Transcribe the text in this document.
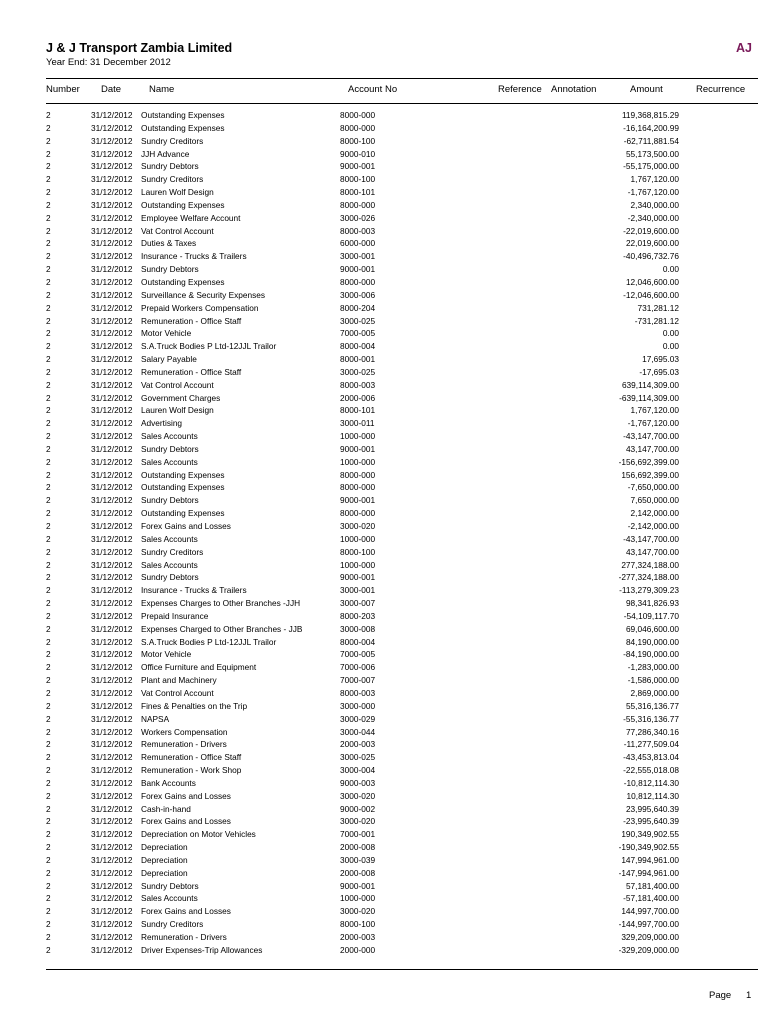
J & J Transport Zambia Limited
Year End: 31 December 2012
AJ
Number Date	Name	Account No	Reference Annotation	Amount	Recurrence
2	31/12/2012 Outstanding Expenses	8000-000	119,368,815.29
2	31/12/2012 Outstanding Expenses	8000-000	-16,164,200.99
2	31/12/2012 Sundry Creditors	8000-100	-62,711,881.54
2	31/12/2012 JJH Advance	9000-010	55,173,500.00
2	31/12/2012 Sundry Debtors	9000-001	-55,175,000.00
2	31/12/2012 Sundry Creditors	8000-100	1,767,120.00
2	31/12/2012 Lauren Wolf Design	8000-101	-1,767,120.00
2	31/12/2012 Outstanding Expenses	8000-000	2,340,000.00
2	31/12/2012 Employee Welfare Account	3000-026	-2,340,000.00
2	31/12/2012 Vat Control Account	8000-003	-22,019,600.00
2	31/12/2012 Duties & Taxes	6000-000	22,019,600.00
2	31/12/2012 Insurance - Trucks & Trailers	3000-001	-40,496,732.76
2	31/12/2012 Sundry Debtors	9000-001	0.00
2	31/12/2012 Outstanding Expenses	8000-000	12,046,600.00
2	31/12/2012 Surveillance & Security Expenses	3000-006	-12,046,600.00
2	31/12/2012 Prepaid Workers Compensation	8000-204	731,281.12
2	31/12/2012 Remuneration - Office Staff	3000-025	-731,281.12
2	31/12/2012 Motor Vehicle	7000-005	0.00
2	31/12/2012 S.A.Truck Bodies P Ltd-12JJL Trailor	8000-004	0.00
2	31/12/2012 Salary Payable	8000-001	17,695.03
2	31/12/2012 Remuneration - Office Staff	3000-025	-17,695.03
2	31/12/2012 Vat Control Account	8000-003	639,114,309.00
2	31/12/2012 Government Charges	2000-006	-639,114,309.00
2	31/12/2012 Lauren Wolf Design	8000-101	1,767,120.00
2	31/12/2012 Advertising	3000-011	-1,767,120.00
2	31/12/2012 Sales Accounts	1000-000	-43,147,700.00
2	31/12/2012 Sundry Debtors	9000-001	43,147,700.00
2	31/12/2012 Sales Accounts	1000-000	-156,692,399.00
2	31/12/2012 Outstanding Expenses	8000-000	156,692,399.00
2	31/12/2012 Outstanding Expenses	8000-000	-7,650,000.00
2	31/12/2012 Sundry Debtors	9000-001	7,650,000.00
2	31/12/2012 Outstanding Expenses	8000-000	2,142,000.00
2	31/12/2012 Forex Gains and Losses	3000-020	-2,142,000.00
2	31/12/2012 Sales Accounts	1000-000	-43,147,700.00
2	31/12/2012 Sundry Creditors	8000-100	43,147,700.00
2	31/12/2012 Sales Accounts	1000-000	277,324,188.00
2	31/12/2012 Sundry Debtors	9000-001	-277,324,188.00
2	31/12/2012 Insurance - Trucks & Trailers	3000-001	-113,279,309.23
2	31/12/2012 Expenses Charges to Other Branches -JJH	3000-007	98,341,826.93
2	31/12/2012 Prepaid Insurance	8000-203	-54,109,117.70
2	31/12/2012 Expenses Charged to Other Branches - JJB	3000-008	69,046,600.00
2	31/12/2012 S.A.Truck Bodies P Ltd-12JJL Trailor	8000-004	84,190,000.00
2	31/12/2012 Motor Vehicle	7000-005	-84,190,000.00
2	31/12/2012 Office Furniture and Equipment	7000-006	-1,283,000.00
2	31/12/2012 Plant and Machinery	7000-007	-1,586,000.00
2	31/12/2012 Vat Control Account	8000-003	2,869,000.00
2	31/12/2012 Fines & Penalties on the Trip	3000-000	55,316,136.77
2	31/12/2012 NAPSA	3000-029	-55,316,136.77
2	31/12/2012 Workers Compensation	3000-044	77,286,340.16
2	31/12/2012 Remuneration - Drivers	2000-003	-11,277,509.04
2	31/12/2012 Remuneration - Office Staff	3000-025	-43,453,813.04
2	31/12/2012 Remuneration - Work Shop	3000-004	-22,555,018.08
2	31/12/2012 Bank Accounts	9000-003	-10,812,114.30
2	31/12/2012 Forex Gains and Losses	3000-020	10,812,114.30
2	31/12/2012 Cash-in-hand	9000-002	23,995,640.39
2	31/12/2012 Forex Gains and Losses	3000-020	-23,995,640.39
2	31/12/2012 Depreciation on Motor Vehicles	7000-001	190,349,902.55
2	31/12/2012 Depreciation	2000-008	-190,349,902.55
2	31/12/2012 Depreciation	3000-039	147,994,961.00
2	31/12/2012 Depreciation	2000-008	-147,994,961.00
2	31/12/2012 Sundry Debtors	9000-001	57,181,400.00
2	31/12/2012 Sales Accounts	1000-000	-57,181,400.00
2	31/12/2012 Forex Gains and Losses	3000-020	144,997,700.00
2	31/12/2012 Sundry Creditors	8000-100	-144,997,700.00
2	31/12/2012 Remuneration - Drivers	2000-003	329,209,000.00
2	31/12/2012 Driver Expenses-Trip Allowances	2000-000	-329,209,000.00
Page 1
